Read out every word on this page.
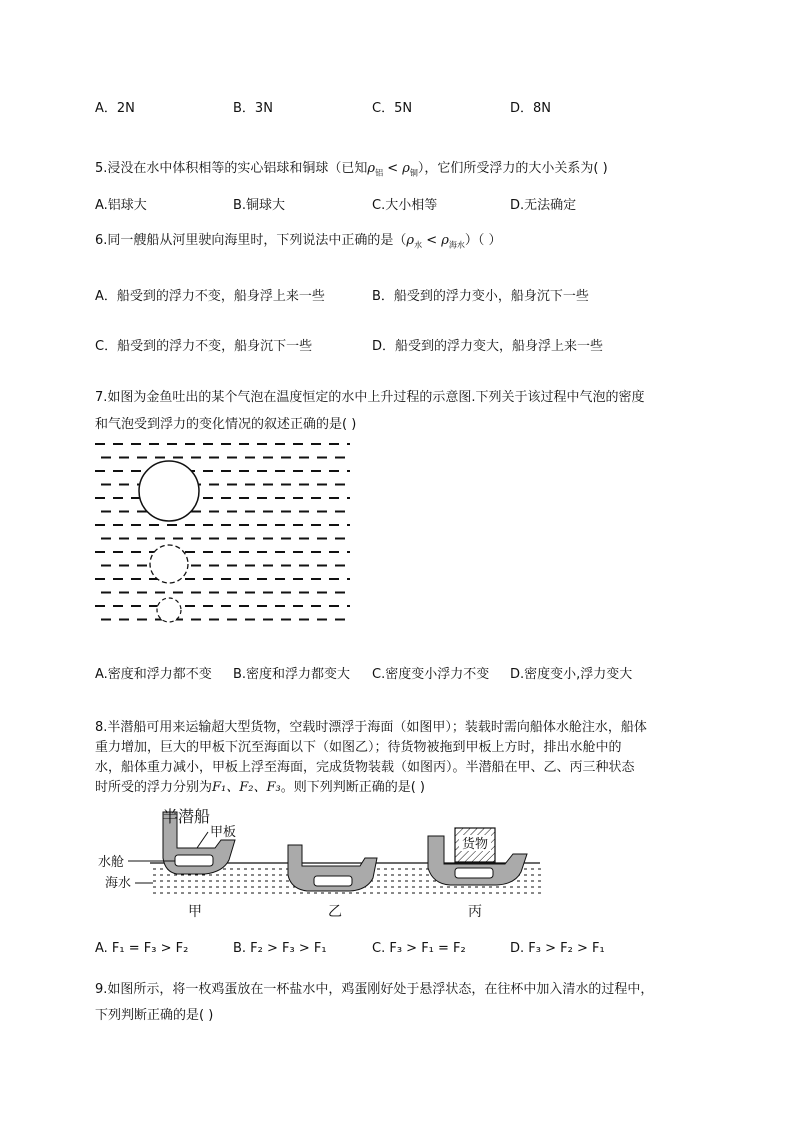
A．2N	B．3N	C．5N	D．8N
5.浸没在水中体积相等的实心铝球和铜球（已知$\rho_铝 < \rho_铜$），它们所受浮力的大小关系为( )
A.铝球大	B.铜球大	C.大小相等	D.无法确定
6.同一艘船从河里驶向海里时，下列说法中正确的是$(\rho_水 < \rho_{海水})$（ ）
A．船受到的浮力不变，船身浮上来一些	B．船受到的浮力变小，船身沉下一些
C．船受到的浮力不变，船身沉下一些	D．船受到的浮力变大，船身浮上来一些
7.如图为金鱼吐出的某个气泡在温度恒定的水中上升过程的示意图.下列关于该过程中气泡的密度
和气泡受到浮力的变化情况的叙述正确的是( )
A.密度和浮力都不变 B.密度和浮力都变大 C.密度变小浮力不变 D.密度变小,浮力变大
8.半潜船可用来运输超大型货物，空载时漂浮于海面（如图甲）；装载时需向船体水舱注水，船体
重力增加，巨大的甲板下沉至海面以下（如图乙）；待货物被拖到甲板上方时，排出水舱中的
水，船体重力减小，甲板上浮至海面，完成货物装载（如图丙）。半潜船在甲、乙、丙三种状态
时所受的浮力分别为F₁、F₂、F₃。则下列判断正确的是( )
货物
半潜船
甲板
水舱
海水
甲	乙	丙
A. F₁ = F₃ > F₂	B. F₂ > F₃ > F₁	C. F₃ > F₁ = F₂	D. F₃ > F₂ > F₁
9.如图所示，将一枚鸡蛋放在一杯盐水中，鸡蛋刚好处于悬浮状态，在往杯中加入清水的过程中，
下列判断正确的是( )
